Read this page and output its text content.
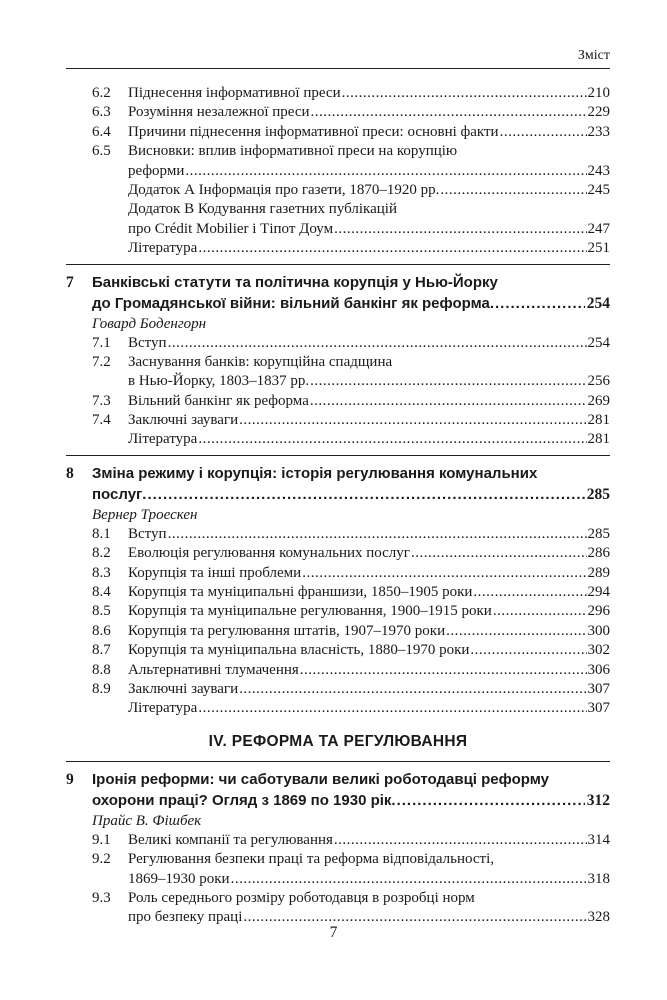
Зміст
6.2 Піднесення інформативної преси .....	210
6.3 Розуміння незалежної преси .....	229
6.4 Причини піднесення інформативної преси: основні факти .....	233
6.5 Висновки: вплив інформативної преси на корупцію
реформи .....	243
Додаток А Інформація про газети, 1870–1920 рр. .....	245
Додаток B Кодування газетних публікацій
про Crédit Mobilier і Тіпот Доум .....	247
Література .....	251
7 Банківські статути та політична корупція у Нью-Йорку
до Громадянської війни: вільний банкінг як реформа .....	254
Говард Боденгорн
7.1 Вступ .....	254
7.2 Заснування банків: корупційна спадщина
в Нью-Йорку, 1803–1837 рр. .....	256
7.3 Вільний банкінг як реформа .....	269
7.4 Заключні зауваги .....	281
Література .....	281
8 Зміна режиму і корупція: історія регулювання комунальних
послуг .....	285
Вернер Троескен
8.1 Вступ .....	285
8.2 Еволюція регулювання комунальних послуг .....	286
8.3 Корупція та інші проблеми .....	289
8.4 Корупція та муніципальні франшизи, 1850–1905 роки .....	294
8.5 Корупція та муніципальне регулювання, 1900–1915 роки .....	296
8.6 Корупція та регулювання штатів, 1907–1970 роки .....	300
8.7 Корупція та муніципальна власність, 1880–1970 роки .....	302
8.8 Альтернативні тлумачення .....	306
8.9 Заключні зауваги .....	307
Література .....	307
IV. РЕФОРМА ТА РЕГУЛЮВАННЯ
9 Іронія реформи: чи саботували великі роботодавці реформу
охорони праці? Огляд з 1869 по 1930 рік .....	312
Прайс В. Фішбек
9.1 Великі компанії та регулювання .....	314
9.2 Регулювання безпеки праці та реформа відповідальності,
1869–1930 роки .....	318
9.3 Роль середнього розміру роботодавця в розробці норм
про безпеку праці .....	328
7
